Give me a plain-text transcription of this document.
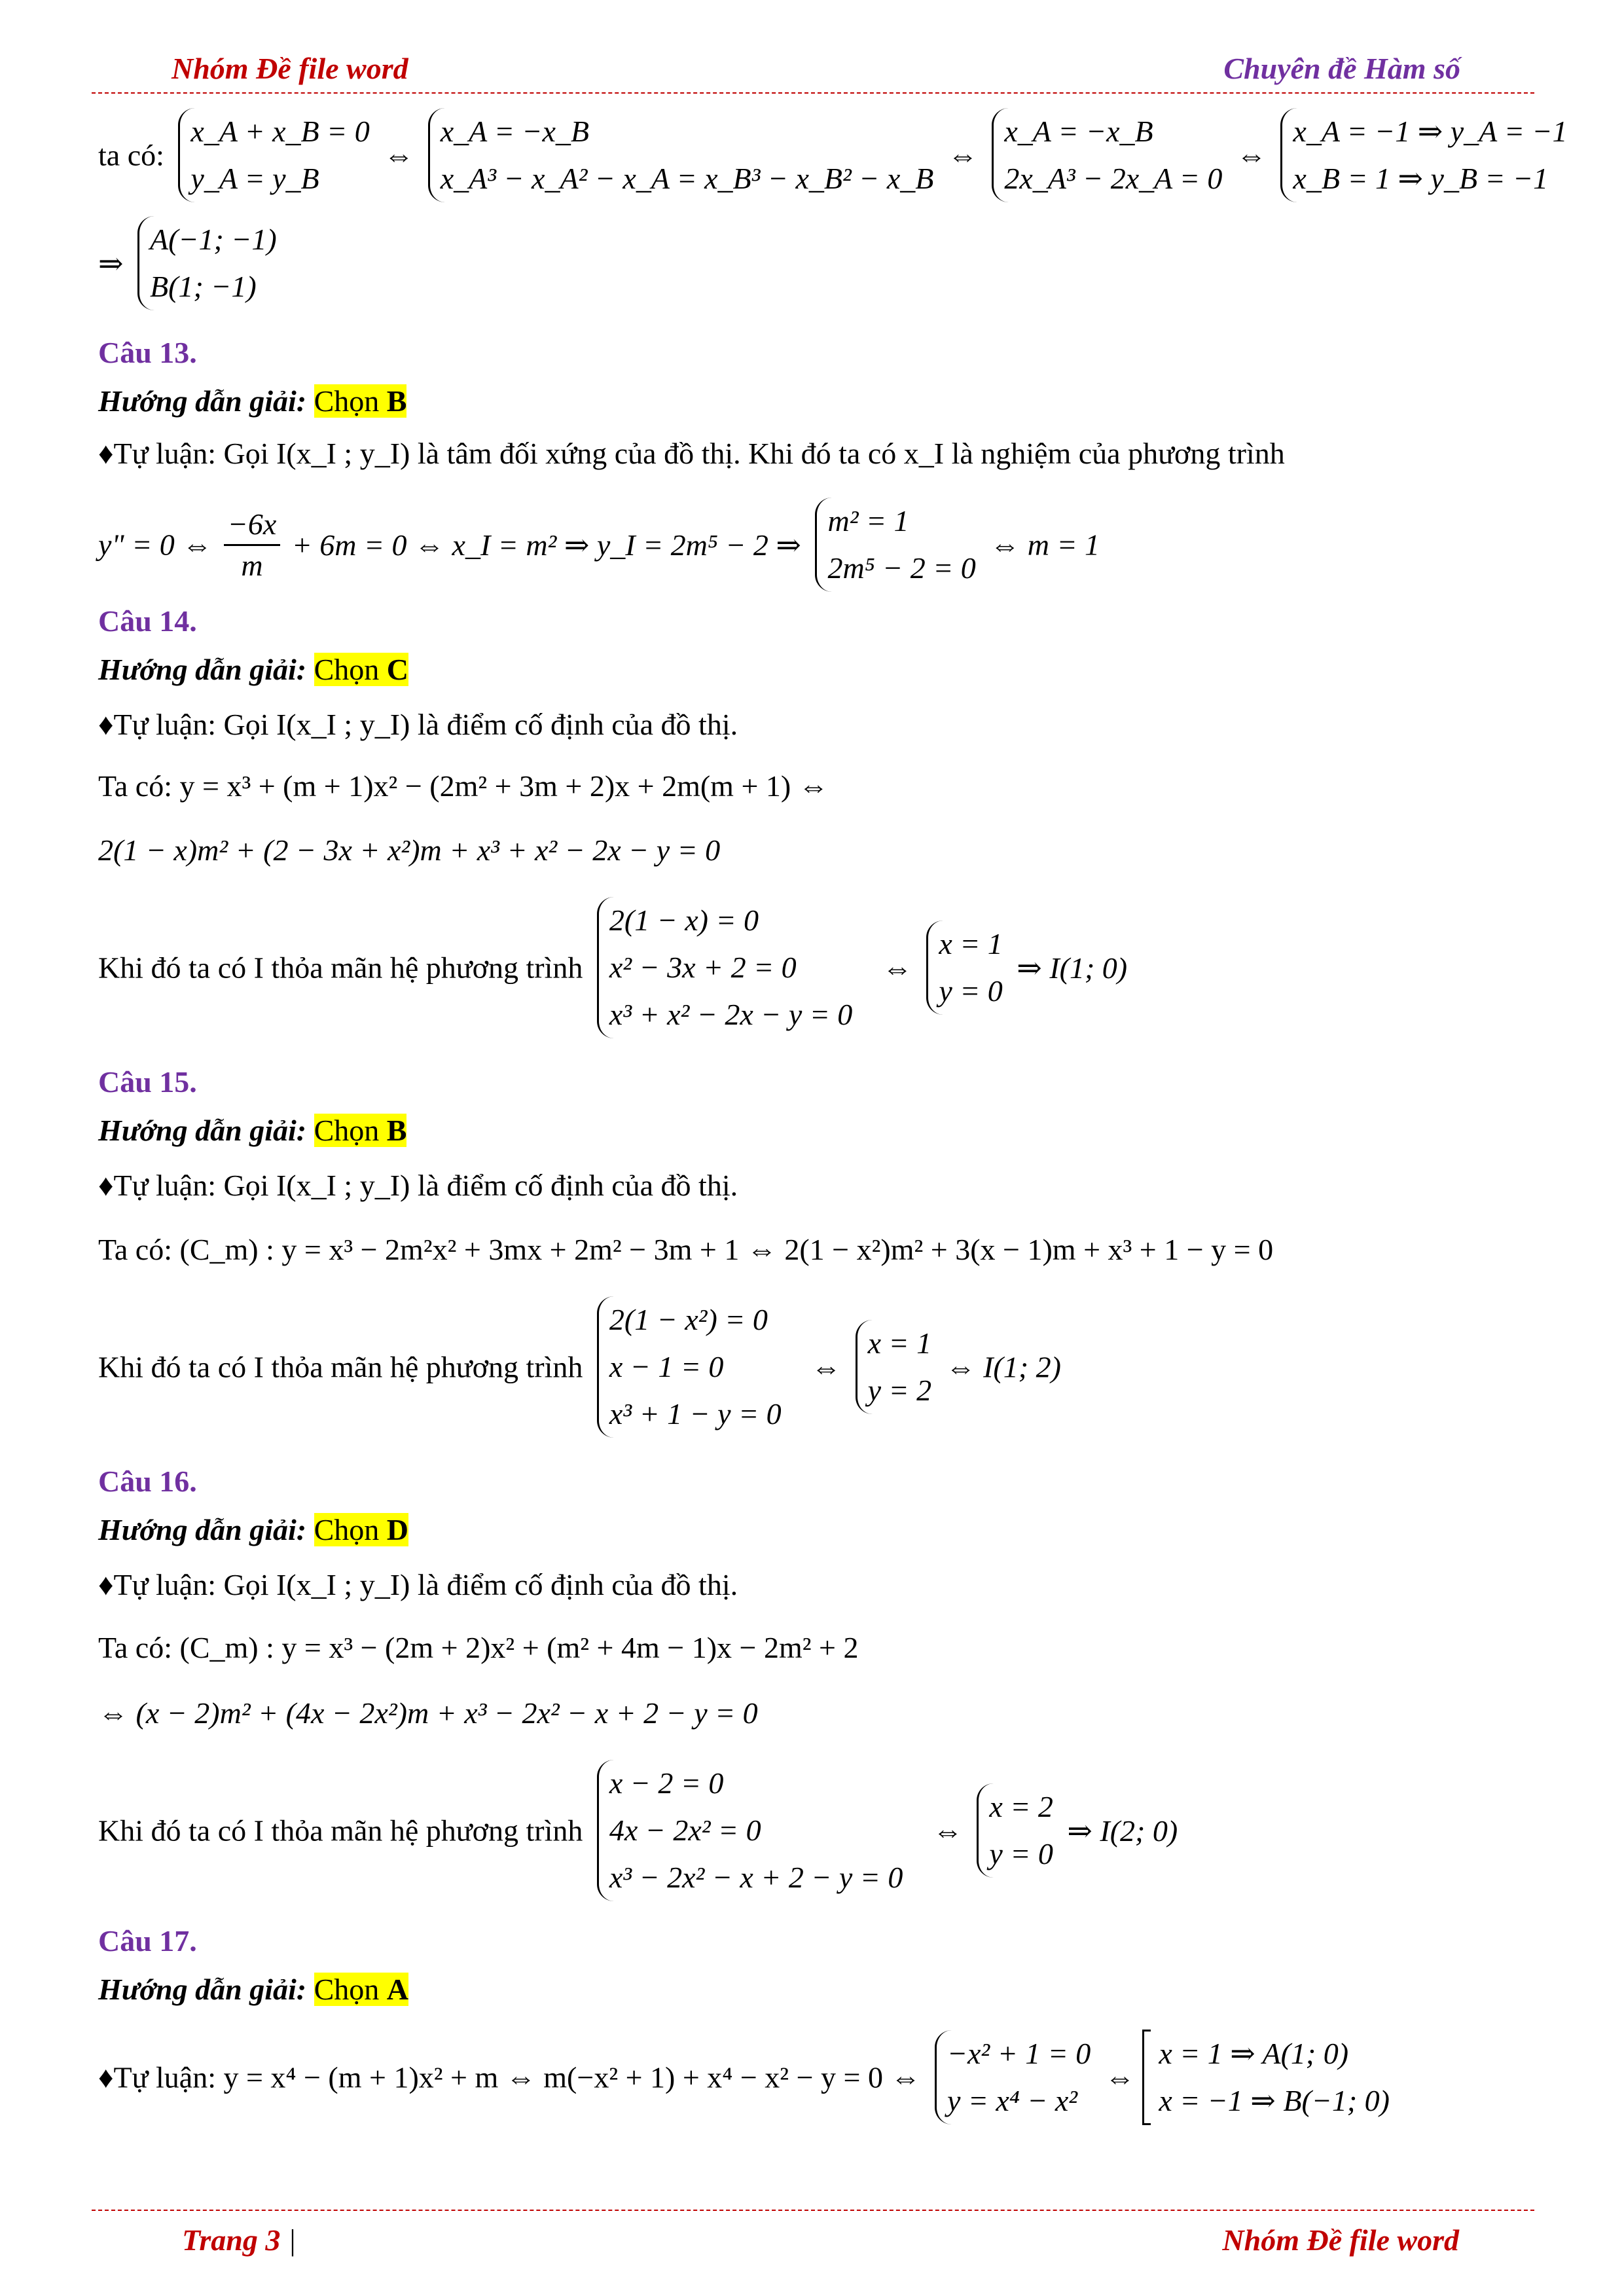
Nhóm Đề file word	Chuyên đề Hàm số
ta có:
x_A + x_B = 0
y_A = y_B
⇔
x_A = −x_B
x_A³ − x_A² − x_A = x_B³ − x_B² − x_B
⇔
x_A = −x_B
2x_A³ − 2x_A = 0
⇔
x_A = −1 ⇒ y_A = −1
x_B = 1 ⇒ y_B = −1
⇒
A(−1; −1)
B(1; −1)
Câu 13.
Hướng dẫn giải: Chọn B
♦Tự luận: Gọi I(x_I ; y_I) là tâm đối xứng của đồ thị. Khi đó ta có x_I là nghiệm của phương trình
y" = 0 ⇔ $\frac{-6x}{m} + 6m = 0$ ⇔ x_I = m² ⇒ y_I = 2m⁵ − 2 ⇒
m² = 1
2m⁵ − 2 = 0
⇔ m = 1
Câu 14.
Hướng dẫn giải: Chọn C
♦Tự luận: Gọi I(x_I ; y_I) là điểm cố định của đồ thị.
Ta có: y = x³ + (m + 1)x² − (2m² + 3m + 2)x + 2m(m + 1) ⇔
2(1 − x)m² + (2 − 3x + x²)m + x³ + x² − 2x − y = 0
Khi đó ta có I thỏa mãn hệ phương trình
2(1 − x) = 0
x² − 3x + 2 = 0
x³ + x² − 2x − y = 0
⇔
x = 1
y = 0
⇒ I(1; 0)
Câu 15.
Hướng dẫn giải: Chọn B
♦Tự luận: Gọi I(x_I ; y_I) là điểm cố định của đồ thị.
Ta có: (C_m) : y = x³ − 2m²x² + 3mx + 2m² − 3m + 1 ⇔ 2(1 − x²)m² + 3(x − 1)m + x³ + 1 − y = 0
Khi đó ta có I thỏa mãn hệ phương trình
2(1 − x²) = 0
x − 1 = 0
x³ + 1 − y = 0
⇔
x = 1
y = 2
⇔ I(1; 2)
Câu 16.
Hướng dẫn giải: Chọn D
♦Tự luận: Gọi I(x_I ; y_I) là điểm cố định của đồ thị.
Ta có: (C_m) : y = x³ − (2m + 2)x² + (m² + 4m − 1)x − 2m² + 2
⇔ (x − 2)m² + (4x − 2x²)m + x³ − 2x² − x + 2 − y = 0
Khi đó ta có I thỏa mãn hệ phương trình
x − 2 = 0
4x − 2x² = 0
x³ − 2x² − x + 2 − y = 0
⇔
x = 2
y = 0
⇒ I(2; 0)
Câu 17.
Hướng dẫn giải: Chọn A
♦Tự luận: y = x⁴ − (m + 1)x² + m ⇔ m(−x² + 1) + x⁴ − x² − y = 0 ⇔
−x² + 1 = 0
y = x⁴ − x²
⇔
x = 1 ⇒ A(1; 0)
x = −1 ⇒ B(−1; 0)
Trang 3 |	Nhóm Đề file word
